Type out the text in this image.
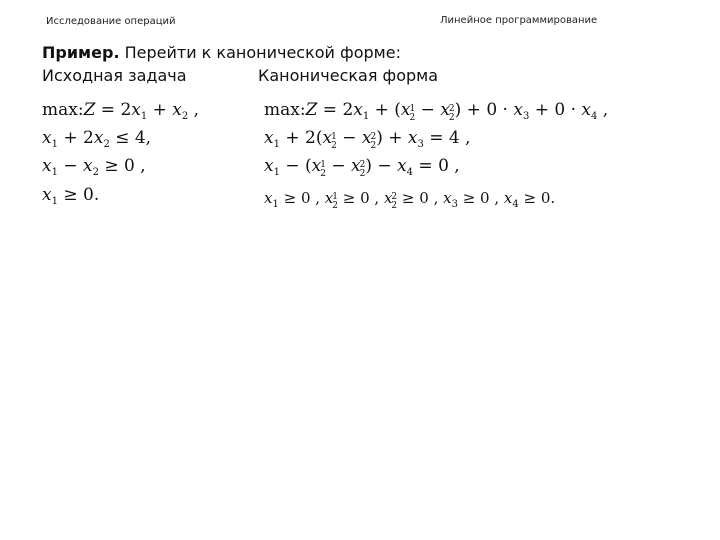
Исследование операций	Линейное программирование
Пример. Перейти к канонической форме:
Исходная задача	Каноническая форма
max:Z = $2x_1 + x_2$ ,
$x_1 + 2x_2 \le 4$,
$x_1 - x_2 \ge 0$ ,
$x_1 \ge 0$.
max:Z = $2x_1 + (x$ 1
2 − x 2
2 ) + $0 \cdot x_3 + 0 \cdot x_4$ ,
$x_1 + 2(x$ 1
2 − x 2
2 ) + $x_3 = 4$ ,
$x_1 - (x$ 1
2 − x 2
2 ) − $x_4 = 0$ ,
$x_1 \ge 0$ , x 1
2 ≥ 0 , x 2
2 ≥ 0 , $x_3 \ge 0$ , $x_4 \ge 0$.
